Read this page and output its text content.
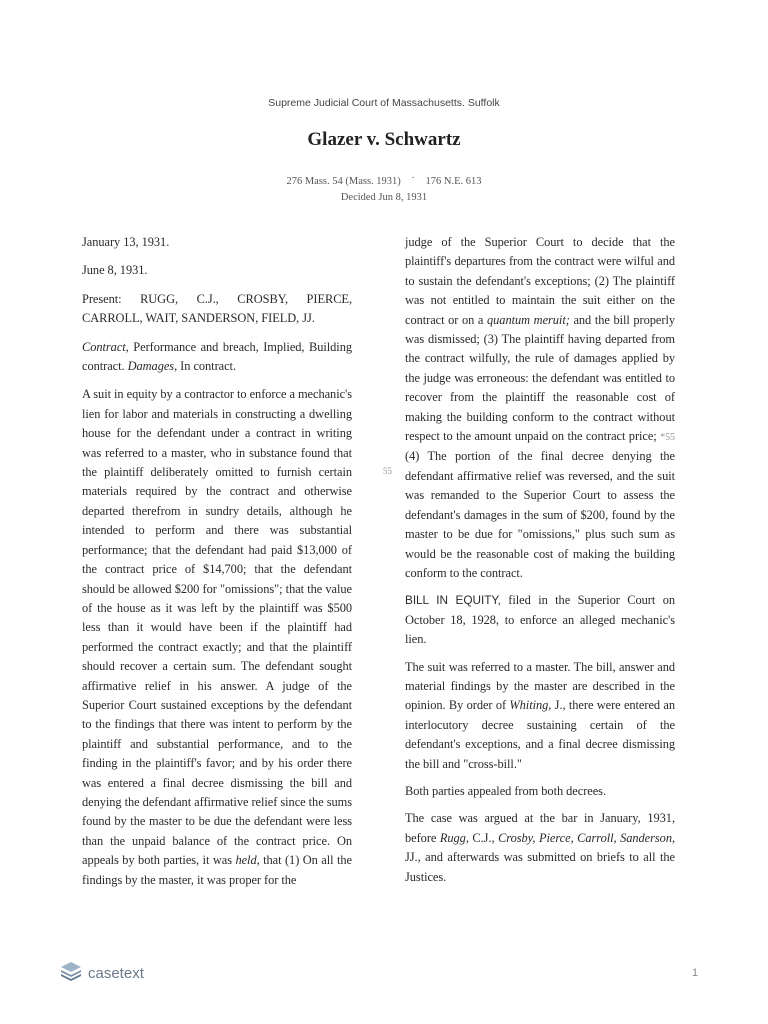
Supreme Judicial Court of Massachusetts. Suffolk
Glazer v. Schwartz
276 Mass. 54 (Mass. 1931) · 176 N.E. 613
Decided Jun 8, 1931

January 13, 1931.

June 8, 1931.

Present: RUGG, C.J., CROSBY, PIERCE, CARROLL, WAIT, SANDERSON, FIELD, JJ.

Contract, Performance and breach, Implied, Building contract. Damages, In contract.

A suit in equity by a contractor to enforce a mechanic's lien for labor and materials in constructing a dwelling house for the defendant under a contract in writing was referred to a master, who in substance found that the plaintiff deliberately omitted to furnish certain materials required by the contract and otherwise departed therefrom in sundry details, although he intended to perform and there was substantial performance; that the defendant had paid $13,000 of the contract price of $14,700; that the defendant should be allowed $200 for "omissions"; that the value of the house as it was left by the plaintiff was $500 less than it would have been if the plaintiff had performed the contract exactly; and that the plaintiff should recover a certain sum. The defendant sought affirmative relief in his answer. A judge of the Superior Court sustained exceptions by the defendant to the findings that there was intent to perform by the plaintiff and substantial performance, and to the finding in the plaintiff's favor; and by his order there was entered a final decree dismissing the bill and denying the defendant affirmative relief since the sums found by the master to be due the defendant were less than the unpaid balance of the contract price. On appeals by both parties, it was held, that (1) On all the findings by the master, it was proper for the

55

judge of the Superior Court to decide that the plaintiff's departures from the contract were wilful and to sustain the defendant's exceptions; (2) The plaintiff was not entitled to maintain the suit either on the contract or on a quantum meruit; and the bill properly was dismissed; (3) The plaintiff having departed from the contract wilfully, the rule of damages applied by the judge was erroneous: the defendant was entitled to recover from the plaintiff the reasonable cost of making the building conform to the contract without respect to the amount unpaid on the contract price; *55 (4) The portion of the final decree denying the defendant affirmative relief was reversed, and the suit was remanded to the Superior Court to assess the defendant's damages in the sum of $200, found by the master to be due for "omissions," plus such sum as would be the reasonable cost of making the building conform to the contract.

BILL IN EQUITY, filed in the Superior Court on October 18, 1928, to enforce an alleged mechanic's lien.

The suit was referred to a master. The bill, answer and material findings by the master are described in the opinion. By order of Whiting, J., there were entered an interlocutory decree sustaining certain of the defendant's exceptions, and a final decree dismissing the bill and "cross-bill."

Both parties appealed from both decrees.

The case was argued at the bar in January, 1931, before Rugg, C.J., Crosby, Pierce, Carroll, Sanderson, JJ., and afterwards was submitted on briefs to all the Justices.

casetext	1
